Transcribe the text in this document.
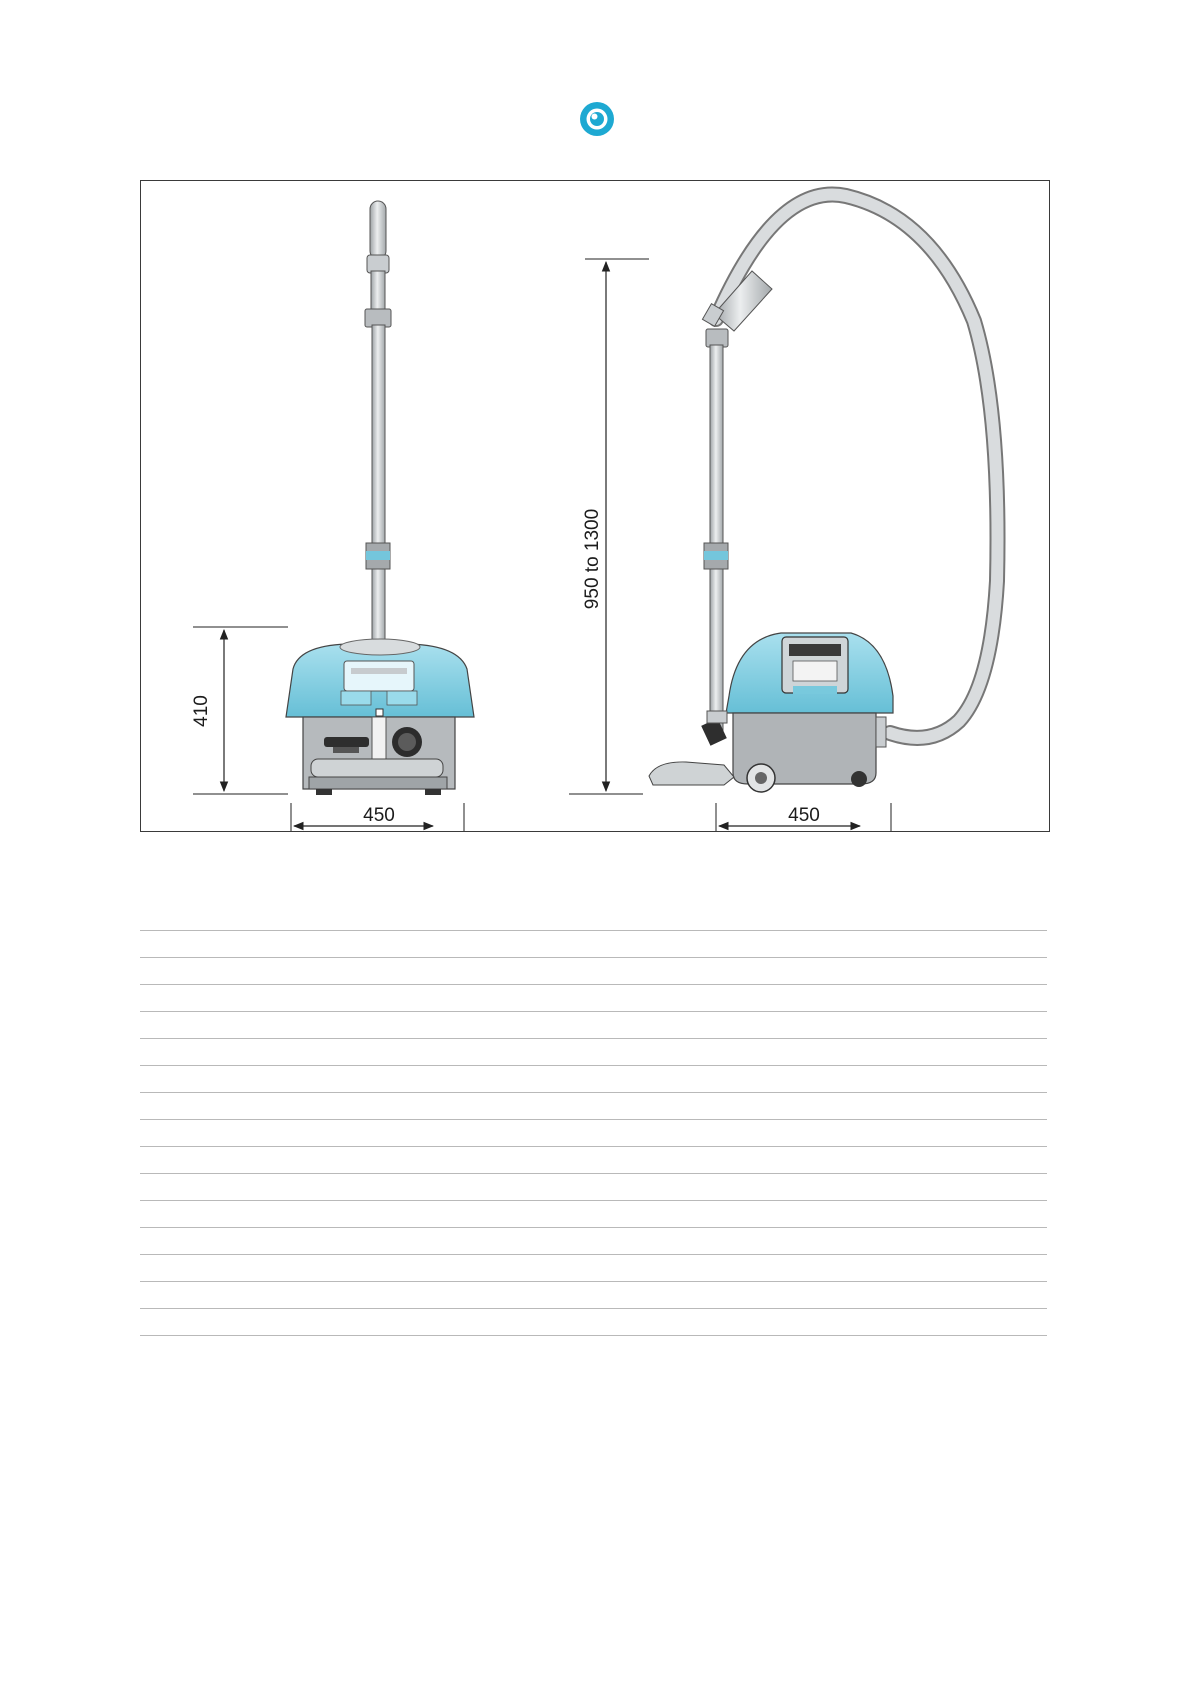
410
450
950 to 1300
450
